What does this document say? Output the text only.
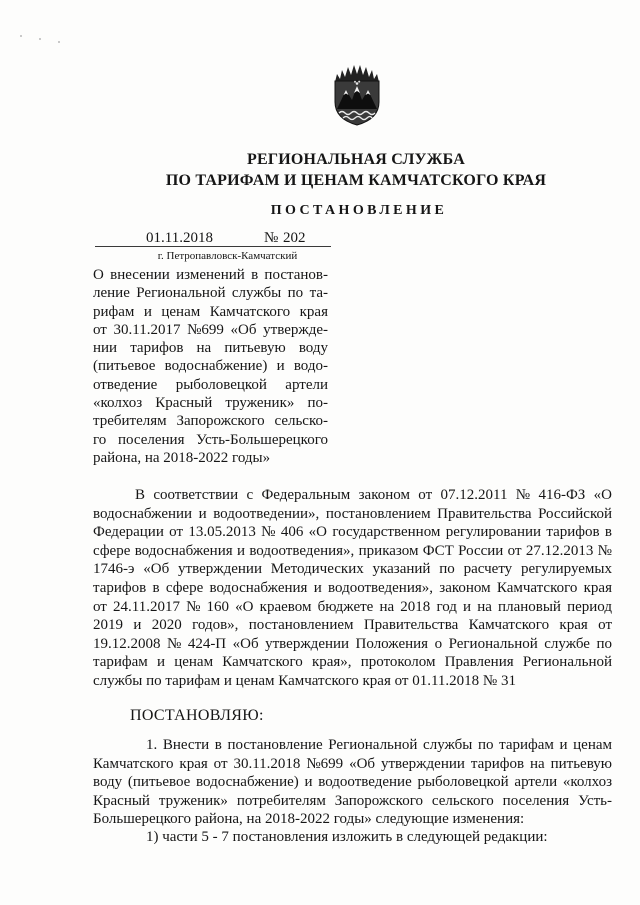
РЕГИОНАЛЬНАЯ СЛУЖБА
ПО ТАРИФАМ И ЦЕНАМ КАМЧАТСКОГО КРАЯ
ПОСТАНОВЛЕНИЕ
01.11.2018	№ 202
г. Петропавловск-Камчатский
О внесении изменений в постанов-
ление Региональной службы по та-
рифам и ценам Камчатского края
от 30.11.2017 №699 «Об утвержде-
нии тарифов на питьевую воду
(питьевое водоснабжение) и водо-
отведение рыболовецкой артели
«колхоз Красный труженик» по-
требителям Запорожского сельско-
го поселения Усть-Большерецкого
района, на 2018-2022 годы»
В соответствии с Федеральным законом от 07.12.2011 № 416-ФЗ «О
водоснабжении и водоотведении», постановлением Правительства Российской
Федерации от 13.05.2013 № 406 «О государственном регулировании тарифов в
сфере водоснабжения и водоотведения», приказом ФСТ России от 27.12.2013 №
1746-э «Об утверждении Методических указаний по расчету регулируемых
тарифов в сфере водоснабжения и водоотведения», законом Камчатского края
от 24.11.2017 № 160 «О краевом бюджете на 2018 год и на плановый период
2019 и 2020 годов», постановлением Правительства Камчатского края от
19.12.2008 № 424-П «Об утверждении Положения о Региональной службе по
тарифам и ценам Камчатского края», протоколом Правления Региональной
службы по тарифам и ценам Камчатского края от 01.11.2018 № 31
ПОСТАНОВЛЯЮ:
1. Внести в постановление Региональной службы по тарифам и ценам
Камчатского края от 30.11.2018 №699 «Об утверждении тарифов на питьевую
воду (питьевое водоснабжение) и водоотведение рыболовецкой артели «колхоз
Красный труженик» потребителям Запорожского сельского поселения Усть-
Большерецкого района, на 2018-2022 годы» следующие изменения:
1) части 5 - 7 постановления изложить в следующей редакции:
